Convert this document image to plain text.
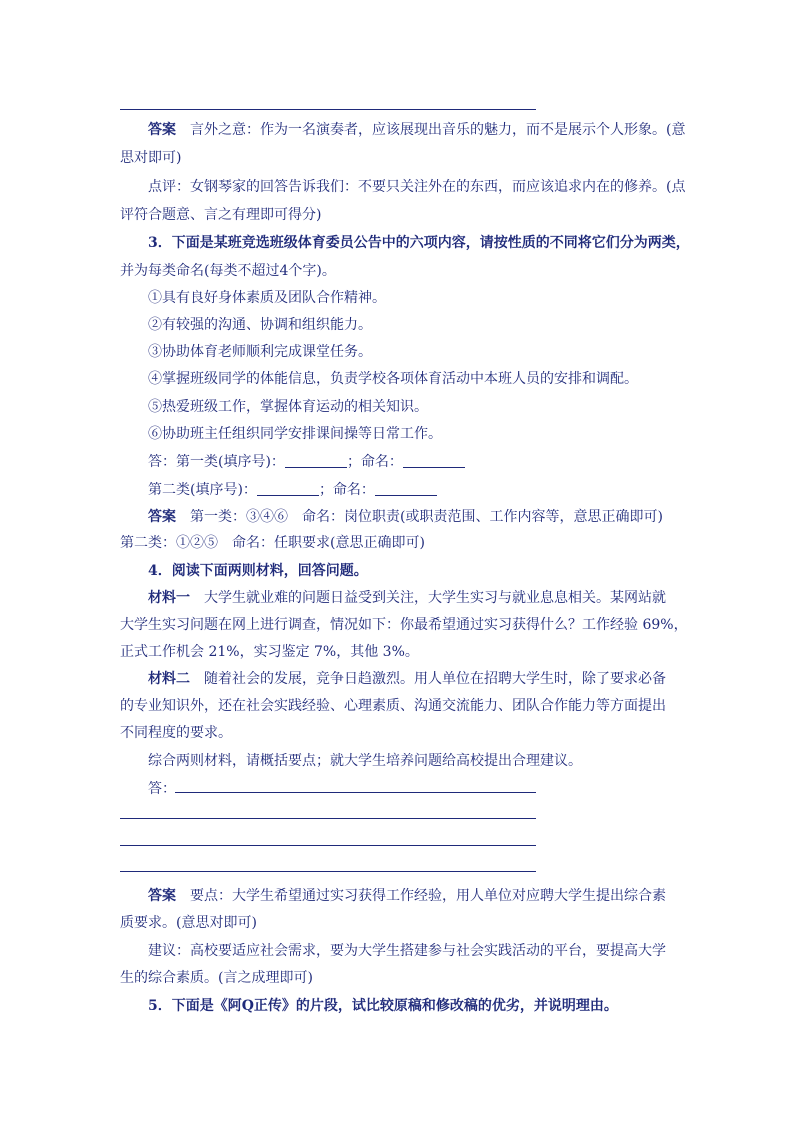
答案 言外之意：作为一名演奏者，应该展现出音乐的魅力，而不是展示个人形象。(意
思对即可)
点评：女钢琴家的回答告诉我们：不要只关注外在的东西，而应该追求内在的修养。(点
评符合题意、言之有理即可得分)
3．下面是某班竞选班级体育委员公告中的六项内容，请按性质的不同将它们分为两类，
并为每类命名(每类不超过4个字)。
①具有良好身体素质及团队合作精神。
②有较强的沟通、协调和组织能力。
③协助体育老师顺利完成课堂任务。
④掌握班级同学的体能信息，负责学校各项体育活动中本班人员的安排和调配。
⑤热爱班级工作，掌握体育运动的相关知识。
⑥协助班主任组织同学安排课间操等日常工作。
答：第一类(填序号)：	；命名：
第二类(填序号)：	；命名：
答案 第一类：③④⑥　命名：岗位职责(或职责范围、工作内容等，意思正确即可)
第二类：①②⑤　命名：任职要求(意思正确即可)
4．阅读下面两则材料，回答问题。
材料一 大学生就业难的问题日益受到关注，大学生实习与就业息息相关。某网站就
大学生实习问题在网上进行调查，情况如下：你最希望通过实习获得什么？工作经验 69%，
正式工作机会 21%，实习鉴定 7%，其他 3%。
材料二 随着社会的发展，竞争日趋激烈。用人单位在招聘大学生时，除了要求必备
的专业知识外，还在社会实践经验、心理素质、沟通交流能力、团队合作能力等方面提出
不同程度的要求。
综合两则材料，请概括要点；就大学生培养问题给高校提出合理建议。
答：
答案 要点：大学生希望通过实习获得工作经验，用人单位对应聘大学生提出综合素
质要求。(意思对即可)
建议：高校要适应社会需求，要为大学生搭建参与社会实践活动的平台，要提高大学
生的综合素质。(言之成理即可)
5．下面是《阿Q正传》的片段，试比较原稿和修改稿的优劣，并说明理由。
